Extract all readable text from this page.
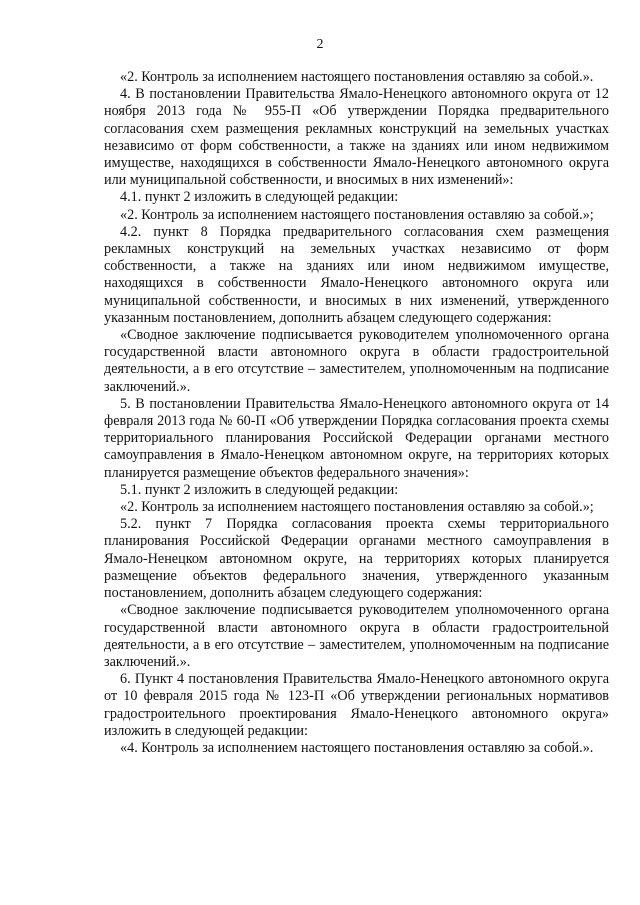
2

«2. Контроль за исполнением настоящего постановления оставляю за собой.».

4. В постановлении Правительства Ямало-Ненецкого автономного округа от 12 ноября 2013 года № 955-П «Об утверждении Порядка предварительного согласования схем размещения рекламных конструкций на земельных участках независимо от форм собственности, а также на зданиях или ином недвижимом имуществе, находящихся в собственности Ямало-Ненецкого автономного округа или муниципальной собственности, и вносимых в них изменений»:

4.1. пункт 2 изложить в следующей редакции:

«2. Контроль за исполнением настоящего постановления оставляю за собой.»;

4.2. пункт 8 Порядка предварительного согласования схем размещения рекламных конструкций на земельных участках независимо от форм собственности, а также на зданиях или ином недвижимом имуществе, находящихся в собственности Ямало-Ненецкого автономного округа или муниципальной собственности, и вносимых в них изменений, утвержденного указанным постановлением, дополнить абзацем следующего содержания:

«Сводное заключение подписывается руководителем уполномоченного органа государственной власти автономного округа в области градостроительной деятельности, а в его отсутствие – заместителем, уполномоченным на подписание заключений.».

5. В постановлении Правительства Ямало-Ненецкого автономного округа от 14 февраля 2013 года № 60-П «Об утверждении Порядка согласования проекта схемы территориального планирования Российской Федерации органами местного самоуправления в Ямало-Ненецком автономном округе, на территориях которых планируется размещение объектов федерального значения»:

5.1. пункт 2 изложить в следующей редакции:

«2. Контроль за исполнением настоящего постановления оставляю за собой.»;

5.2. пункт 7 Порядка согласования проекта схемы территориального планирования Российской Федерации органами местного самоуправления в Ямало-Ненецком автономном округе, на территориях которых планируется размещение объектов федерального значения, утвержденного указанным постановлением, дополнить абзацем следующего содержания:

«Сводное заключение подписывается руководителем уполномоченного органа государственной власти автономного округа в области градостроительной деятельности, а в его отсутствие – заместителем, уполномоченным на подписание заключений.».

6. Пункт 4 постановления Правительства Ямало-Ненецкого автономного округа от 10 февраля 2015 года № 123-П «Об утверждении региональных нормативов градостроительного проектирования Ямало-Ненецкого автономного округа» изложить в следующей редакции:

«4. Контроль за исполнением настоящего постановления оставляю за собой.».
